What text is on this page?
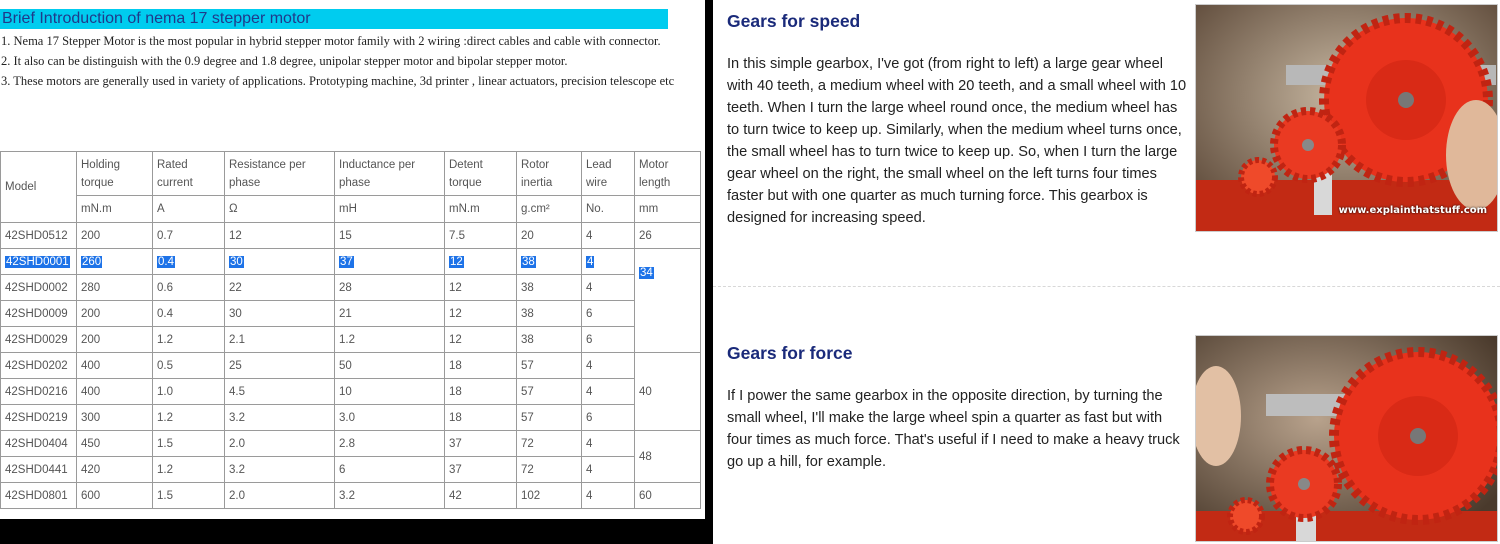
Brief Introduction of nema 17 stepper motor

1. Nema 17 Stepper Motor is the most popular in hybrid stepper motor family with 2 wiring :direct cables and cable with connector.

2. It also can be distinguish with the 0.9 degree and 1.8 degree, unipolar stepper motor and bipolar stepper motor.

3. These motors are generally used in variety of applications. Prototyping machine, 3d printer , linear actuators, precision telescope etc

Model	Holding torque	Rated current	Resistance per phase	Inductance per phase	Detent torque	Rotor inertia	Lead wire	Motor length
	mN.m	A	Ω	mH	mN.m	g.cm²	No.	mm
42SHD0512	200	0.7	12	15	7.5	20	4	26
42SHD0001	260	0.4	30	37	12	38	4	34
42SHD0002	280	0.6	22	28	12	38	4	
42SHD0009	200	0.4	30	21	12	38	6	
42SHD0029	200	1.2	2.1	1.2	12	38	6	
42SHD0202	400	0.5	25	50	18	57	4	40
42SHD0216	400	1.0	4.5	10	18	57	4	
42SHD0219	300	1.2	3.2	3.0	18	57	6	
42SHD0404	450	1.5	2.0	2.8	37	72	4	48
42SHD0441	420	1.2	3.2	6	37	72	4	
42SHD0801	600	1.5	2.0	3.2	42	102	4	60
Gears for speed
In this simple gearbox, I've got (from right to left) a large gear wheel with 40 teeth, a medium wheel with 20 teeth, and a small wheel with 10 teeth. When I turn the large wheel round once, the medium wheel has to turn twice to keep up. Similarly, when the medium wheel turns once, the small wheel has to turn twice to keep up. So, when I turn the large gear wheel on the right, the small wheel on the left turns four times faster but with one quarter as much turning force. This gearbox is designed for increasing speed.	www.explainthatstuff.com
Gears for force
If I power the same gearbox in the opposite direction, by turning the small wheel, I'll make the large wheel spin a quarter as fast but with four times as much force. That's useful if I need to make a heavy truck go up a hill, for example.
